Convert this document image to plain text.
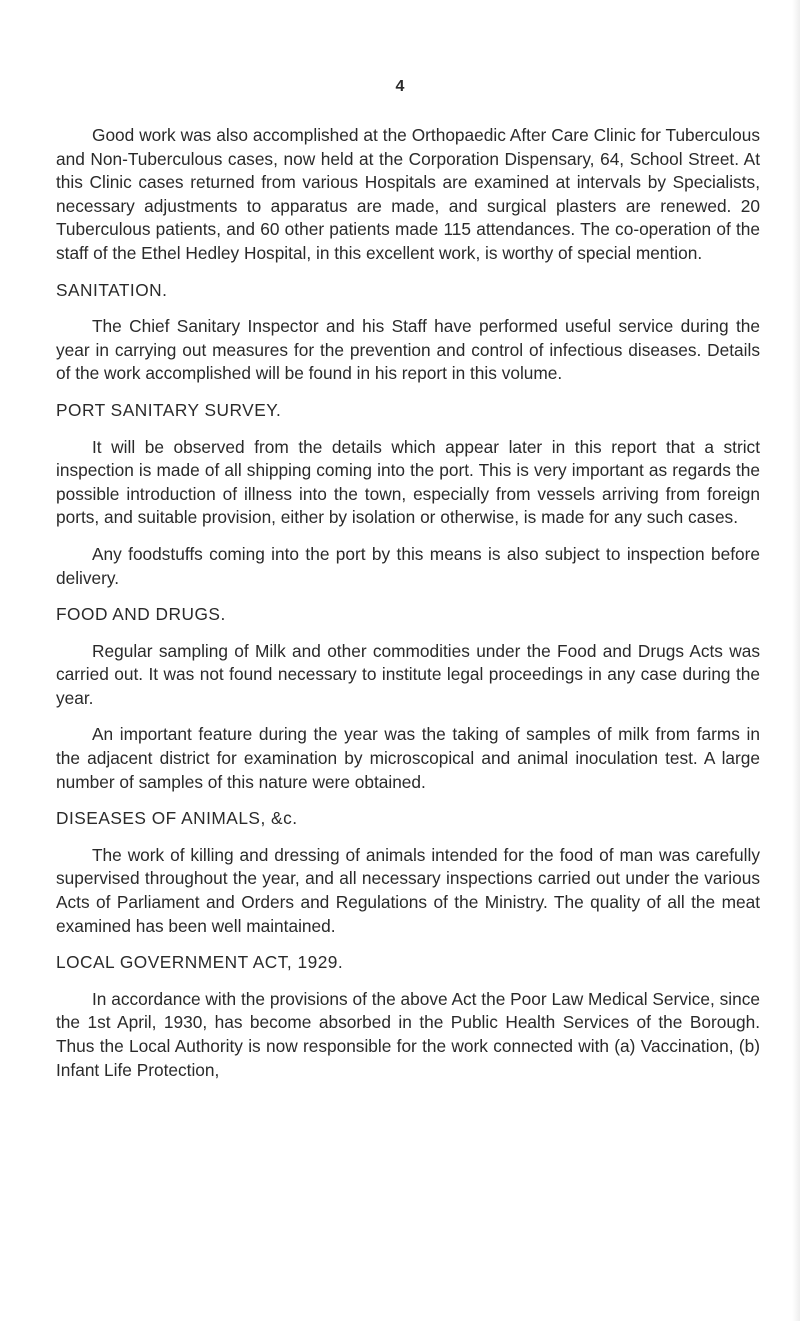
4

Good work was also accomplished at the Orthopaedic After Care Clinic for Tuberculous and Non-Tuberculous cases, now held at the Corporation Dispensary, 64, School Street. At this Clinic cases returned from various Hospitals are examined at intervals by Specialists, necessary adjustments to apparatus are made, and surgical plasters are renewed. 20 Tuberculous patients, and 60 other patients made 115 attendances. The co-operation of the staff of the Ethel Hedley Hospital, in this excellent work, is worthy of special mention.

SANITATION.

The Chief Sanitary Inspector and his Staff have performed useful service during the year in carrying out measures for the prevention and control of infectious diseases. Details of the work accomplished will be found in his report in this volume.

PORT SANITARY SURVEY.

It will be observed from the details which appear later in this report that a strict inspection is made of all shipping coming into the port. This is very important as regards the possible introduction of illness into the town, especially from vessels arriving from foreign ports, and suitable provision, either by isolation or otherwise, is made for any such cases.

Any foodstuffs coming into the port by this means is also subject to inspection before delivery.

FOOD AND DRUGS.

Regular sampling of Milk and other commodities under the Food and Drugs Acts was carried out. It was not found necessary to institute legal proceedings in any case during the year.

An important feature during the year was the taking of samples of milk from farms in the adjacent district for examination by microscopical and animal inoculation test. A large number of samples of this nature were obtained.

DISEASES OF ANIMALS, &c.

The work of killing and dressing of animals intended for the food of man was carefully supervised throughout the year, and all necessary inspections carried out under the various Acts of Parliament and Orders and Regulations of the Ministry. The quality of all the meat examined has been well maintained.

LOCAL GOVERNMENT ACT, 1929.

In accordance with the provisions of the above Act the Poor Law Medical Service, since the 1st April, 1930, has become absorbed in the Public Health Services of the Borough. Thus the Local Authority is now responsible for the work connected with (a) Vaccination, (b) Infant Life Protection,
